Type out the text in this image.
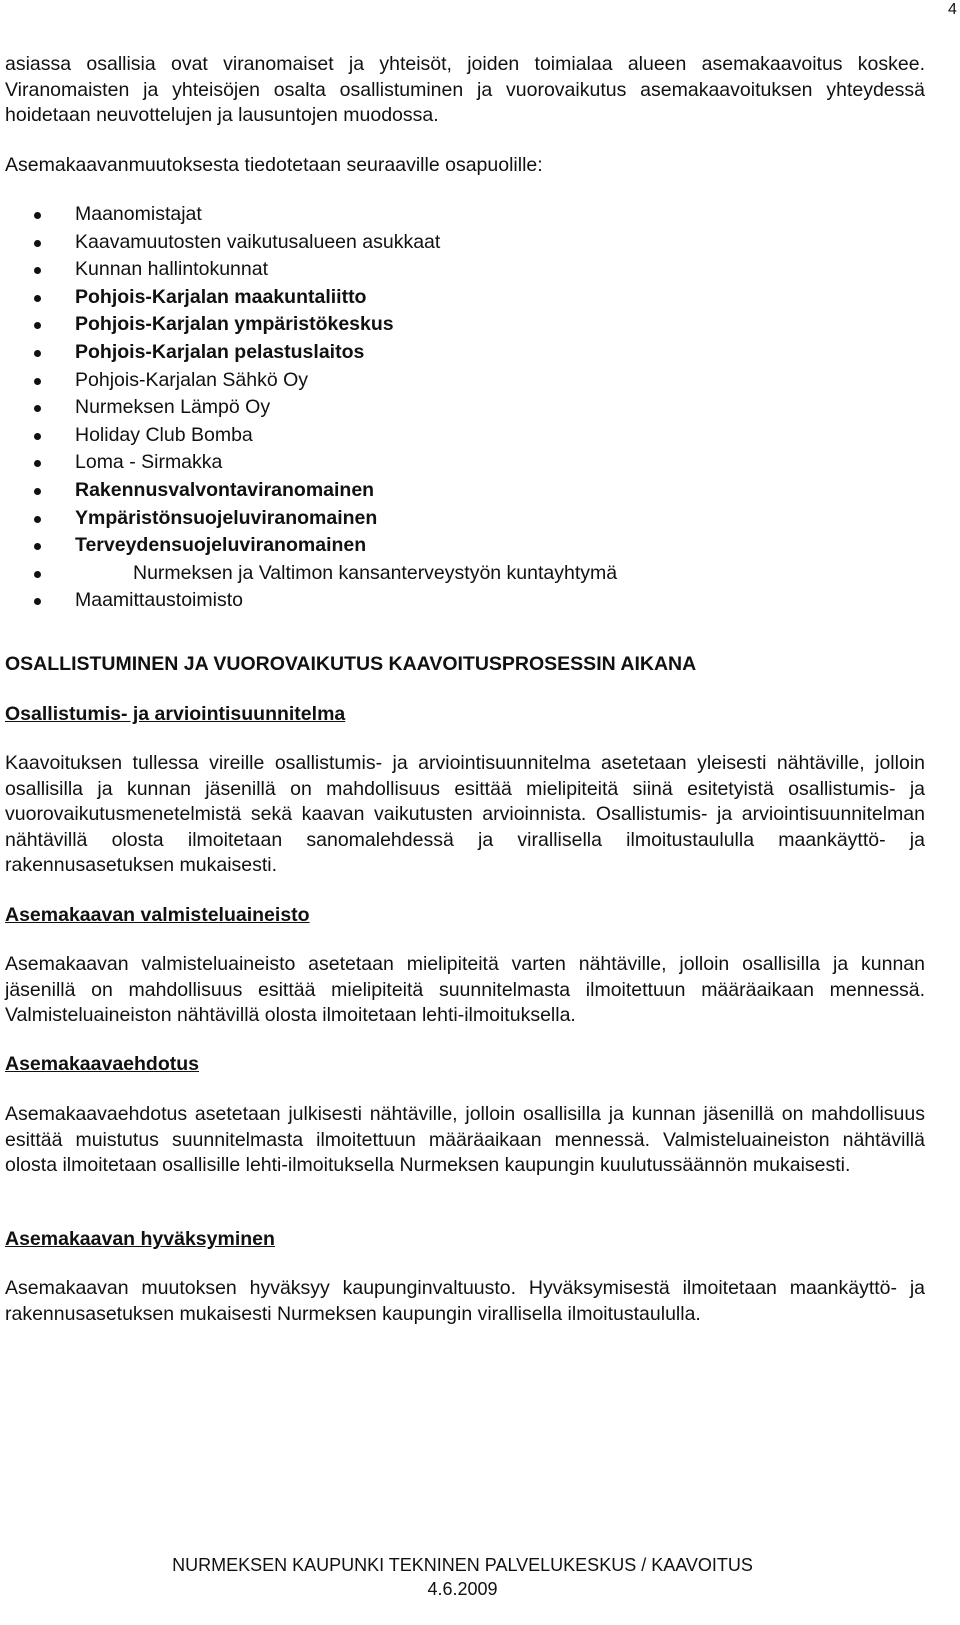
4

asiassa osallisia ovat viranomaiset ja yhteisöt, joiden toimialaa alueen asemakaavoitus koskee. Viranomaisten ja yhteisöjen osalta osallistuminen ja vuorovaikutus asemakaavoituksen yhteydessä hoidetaan neuvottelujen ja lausuntojen muodossa.

Asemakaavanmuutoksesta tiedotetaan seuraaville osapuolille:

Maanomistajat
Kaavamuutosten vaikutusalueen asukkaat
Kunnan hallintokunnat
Pohjois-Karjalan maakuntaliitto
Pohjois-Karjalan ympäristökeskus
Pohjois-Karjalan pelastuslaitos
Pohjois-Karjalan Sähkö Oy
Nurmeksen Lämpö Oy
Holiday Club Bomba
Loma - Sirmakka
Rakennusvalvontaviranomainen
Ympäristönsuojeluviranomainen
Terveydensuojeluviranomainen
Nurmeksen ja Valtimon kansanterveystyön kuntayhtymä
Maamittaustoimisto
OSALLISTUMINEN JA VUOROVAIKUTUS KAAVOITUSPROSESSIN AIKANA
Osallistumis- ja arviointisuunnitelma

Kaavoituksen tullessa vireille osallistumis- ja arviointisuunnitelma asetetaan yleisesti nähtäville, jolloin osallisilla ja kunnan jäsenillä on mahdollisuus esittää mielipiteitä siinä esitetyistä osallistumis- ja vuorovaikutusmenetelmistä sekä kaavan vaikutusten arvioinnista. Osallistumis- ja arviointisuunnitelman nähtävillä olosta ilmoitetaan sanomalehdessä ja virallisella ilmoitustaululla maankäyttö- ja rakennusasetuksen mukaisesti.

Asemakaavan valmisteluaineisto

Asemakaavan valmisteluaineisto asetetaan mielipiteitä varten nähtäville, jolloin osallisilla ja kunnan jäsenillä on mahdollisuus esittää mielipiteitä suunnitelmasta ilmoitettuun määräaikaan mennessä. Valmisteluaineiston nähtävillä olosta ilmoitetaan lehti-ilmoituksella.

Asemakaavaehdotus

Asemakaavaehdotus asetetaan julkisesti nähtäville, jolloin osallisilla ja kunnan jäsenillä on mahdollisuus esittää muistutus suunnitelmasta ilmoitettuun määräaikaan mennessä. Valmisteluaineiston nähtävillä olosta ilmoitetaan osallisille lehti-ilmoituksella Nurmeksen kaupungin kuulutussäännön mukaisesti.

Asemakaavan hyväksyminen

Asemakaavan muutoksen hyväksyy kaupunginvaltuusto. Hyväksymisestä ilmoitetaan maankäyttö- ja rakennusasetuksen mukaisesti Nurmeksen kaupungin virallisella ilmoitustaululla.

NURMEKSEN KAUPUNKI TEKNINEN PALVELUKESKUS / KAAVOITUS
4.6.2009
